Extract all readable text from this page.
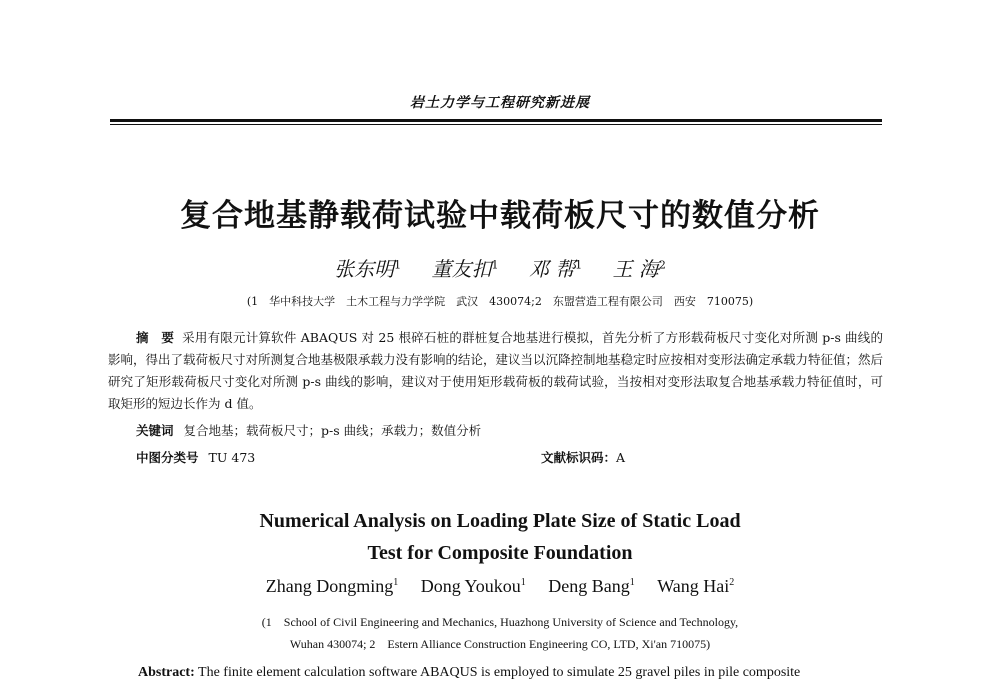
岩土力学与工程研究新进展
复合地基静载荷试验中载荷板尺寸的数值分析
张东明$^1$ 董友扣$^1$ 邓 帮$^1$ 王 海$^2$
(1　华中科技大学　土木工程与力学学院　武汉　430074;2　东盟营造工程有限公司　西安　710075)
摘　要 采用有限元计算软件 ABAQUS 对 25 根碎石桩的群桩复合地基进行模拟，首先分析了方形载荷板尺寸变化对所测 p-s 曲线的影响，得出了载荷板尺寸对所测复合地基极限承载力没有影响的结论，建议当以沉降控制地基稳定时应按相对变形法确定承载力特征值；然后研究了矩形载荷板尺寸变化对所测 p-s 曲线的影响，建议对于使用矩形载荷板的载荷试验，当按相对变形法取复合地基承载力特征值时，可取矩形的短边长作为 d 值。
关键词 复合地基；载荷板尺寸；p-s 曲线；承载力；数值分析
中图分类号 TU 473	文献标识码：A
Numerical Analysis on Loading Plate Size of Static Load
Test for Composite Foundation
Zhang Dongming$^1$ Dong Youkou$^1$ Deng Bang$^1$ Wang Hai$^2$
(1　School of Civil Engineering and Mechanics, Huazhong University of Science and Technology,
Wuhan 430074; 2　Estern Alliance Construction Engineering CO, LTD, Xi'an 710075)
Abstract: The finite element calculation software ABAQUS is employed to simulate 25 gravel piles in pile composite
